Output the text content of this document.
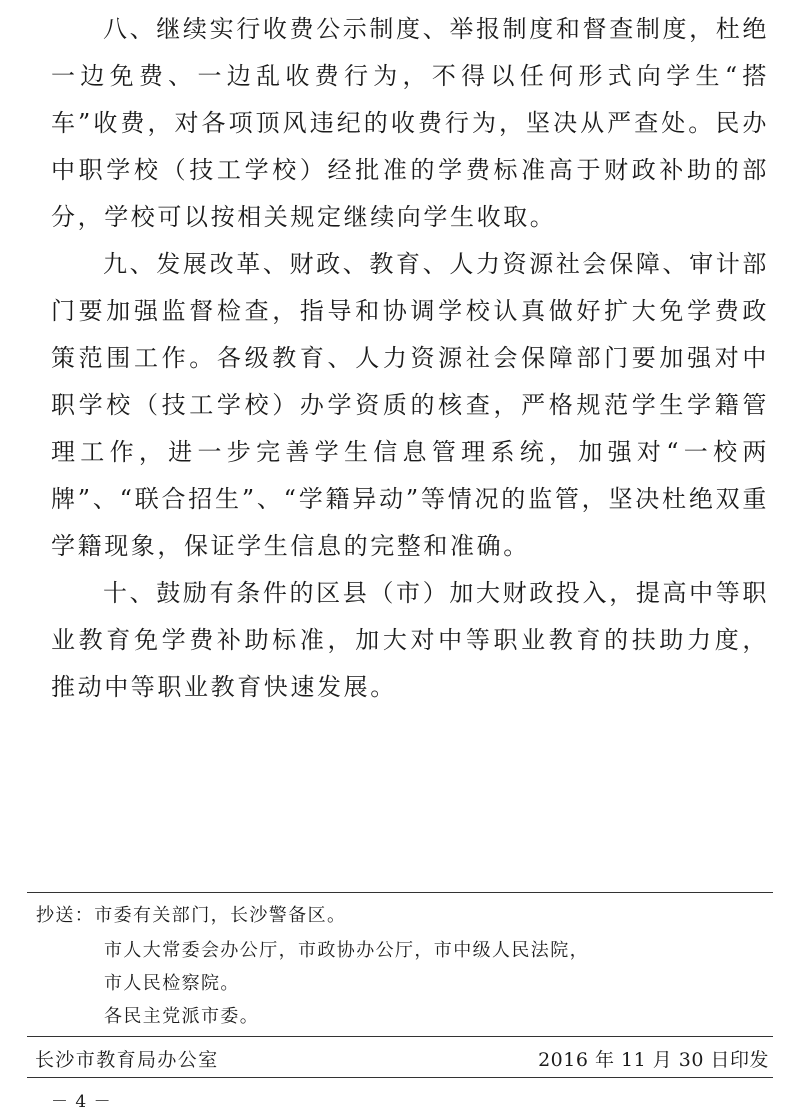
八、继续实行收费公示制度、举报制度和督查制度，杜绝一边免费、一边乱收费行为，不得以任何形式向学生“搭车”收费，对各项顶风违纪的收费行为，坚决从严查处。民办中职学校（技工学校）经批准的学费标准高于财政补助的部分，学校可以按相关规定继续向学生收取。

九、发展改革、财政、教育、人力资源社会保障、审计部门要加强监督检查，指导和协调学校认真做好扩大免学费政策范围工作。各级教育、人力资源社会保障部门要加强对中职学校（技工学校）办学资质的核查，严格规范学生学籍管理工作，进一步完善学生信息管理系统，加强对“一校两牌”、“联合招生”、“学籍异动”等情况的监管，坚决杜绝双重学籍现象，保证学生信息的完整和准确。

十、鼓励有条件的区县（市）加大财政投入，提高中等职业教育免学费补助标准，加大对中等职业教育的扶助力度，推动中等职业教育快速发展。

抄送：市委有关部门，长沙警备区。
市人大常委会办公厅，市政协办公厅，市中级人民法院，
市人民检察院。
各民主党派市委。
长沙市教育局办公室	2016 年 11 月 30 日印发
－ 4 －
